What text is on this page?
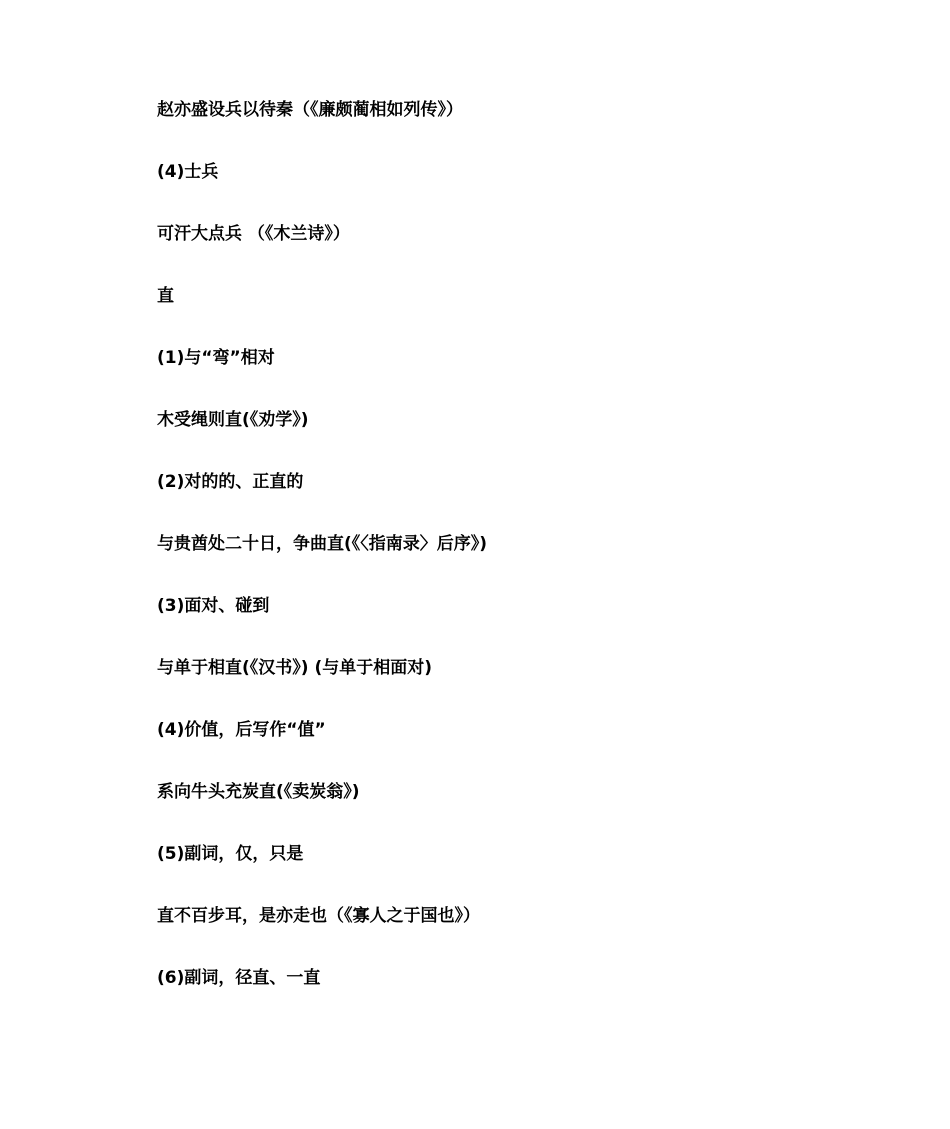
赵亦盛设兵以待秦（《廉颇蔺相如列传》）

(4)士兵

可汗大点兵 （《木兰诗》）

直

(1)与“弯”相对

木受绳则直(《劝学》)

(2)对的的、正直的

与贵酋处二十日，争曲直(《〈指南录〉后序》)

(3)面对、碰到

与单于相直(《汉书》) (与单于相面对)

(4)价值，后写作“值”

系向牛头充炭直(《卖炭翁》)

(5)副词，仅，只是

直不百步耳，是亦走也（《寡人之于国也》）

(6)副词，径直、一直
